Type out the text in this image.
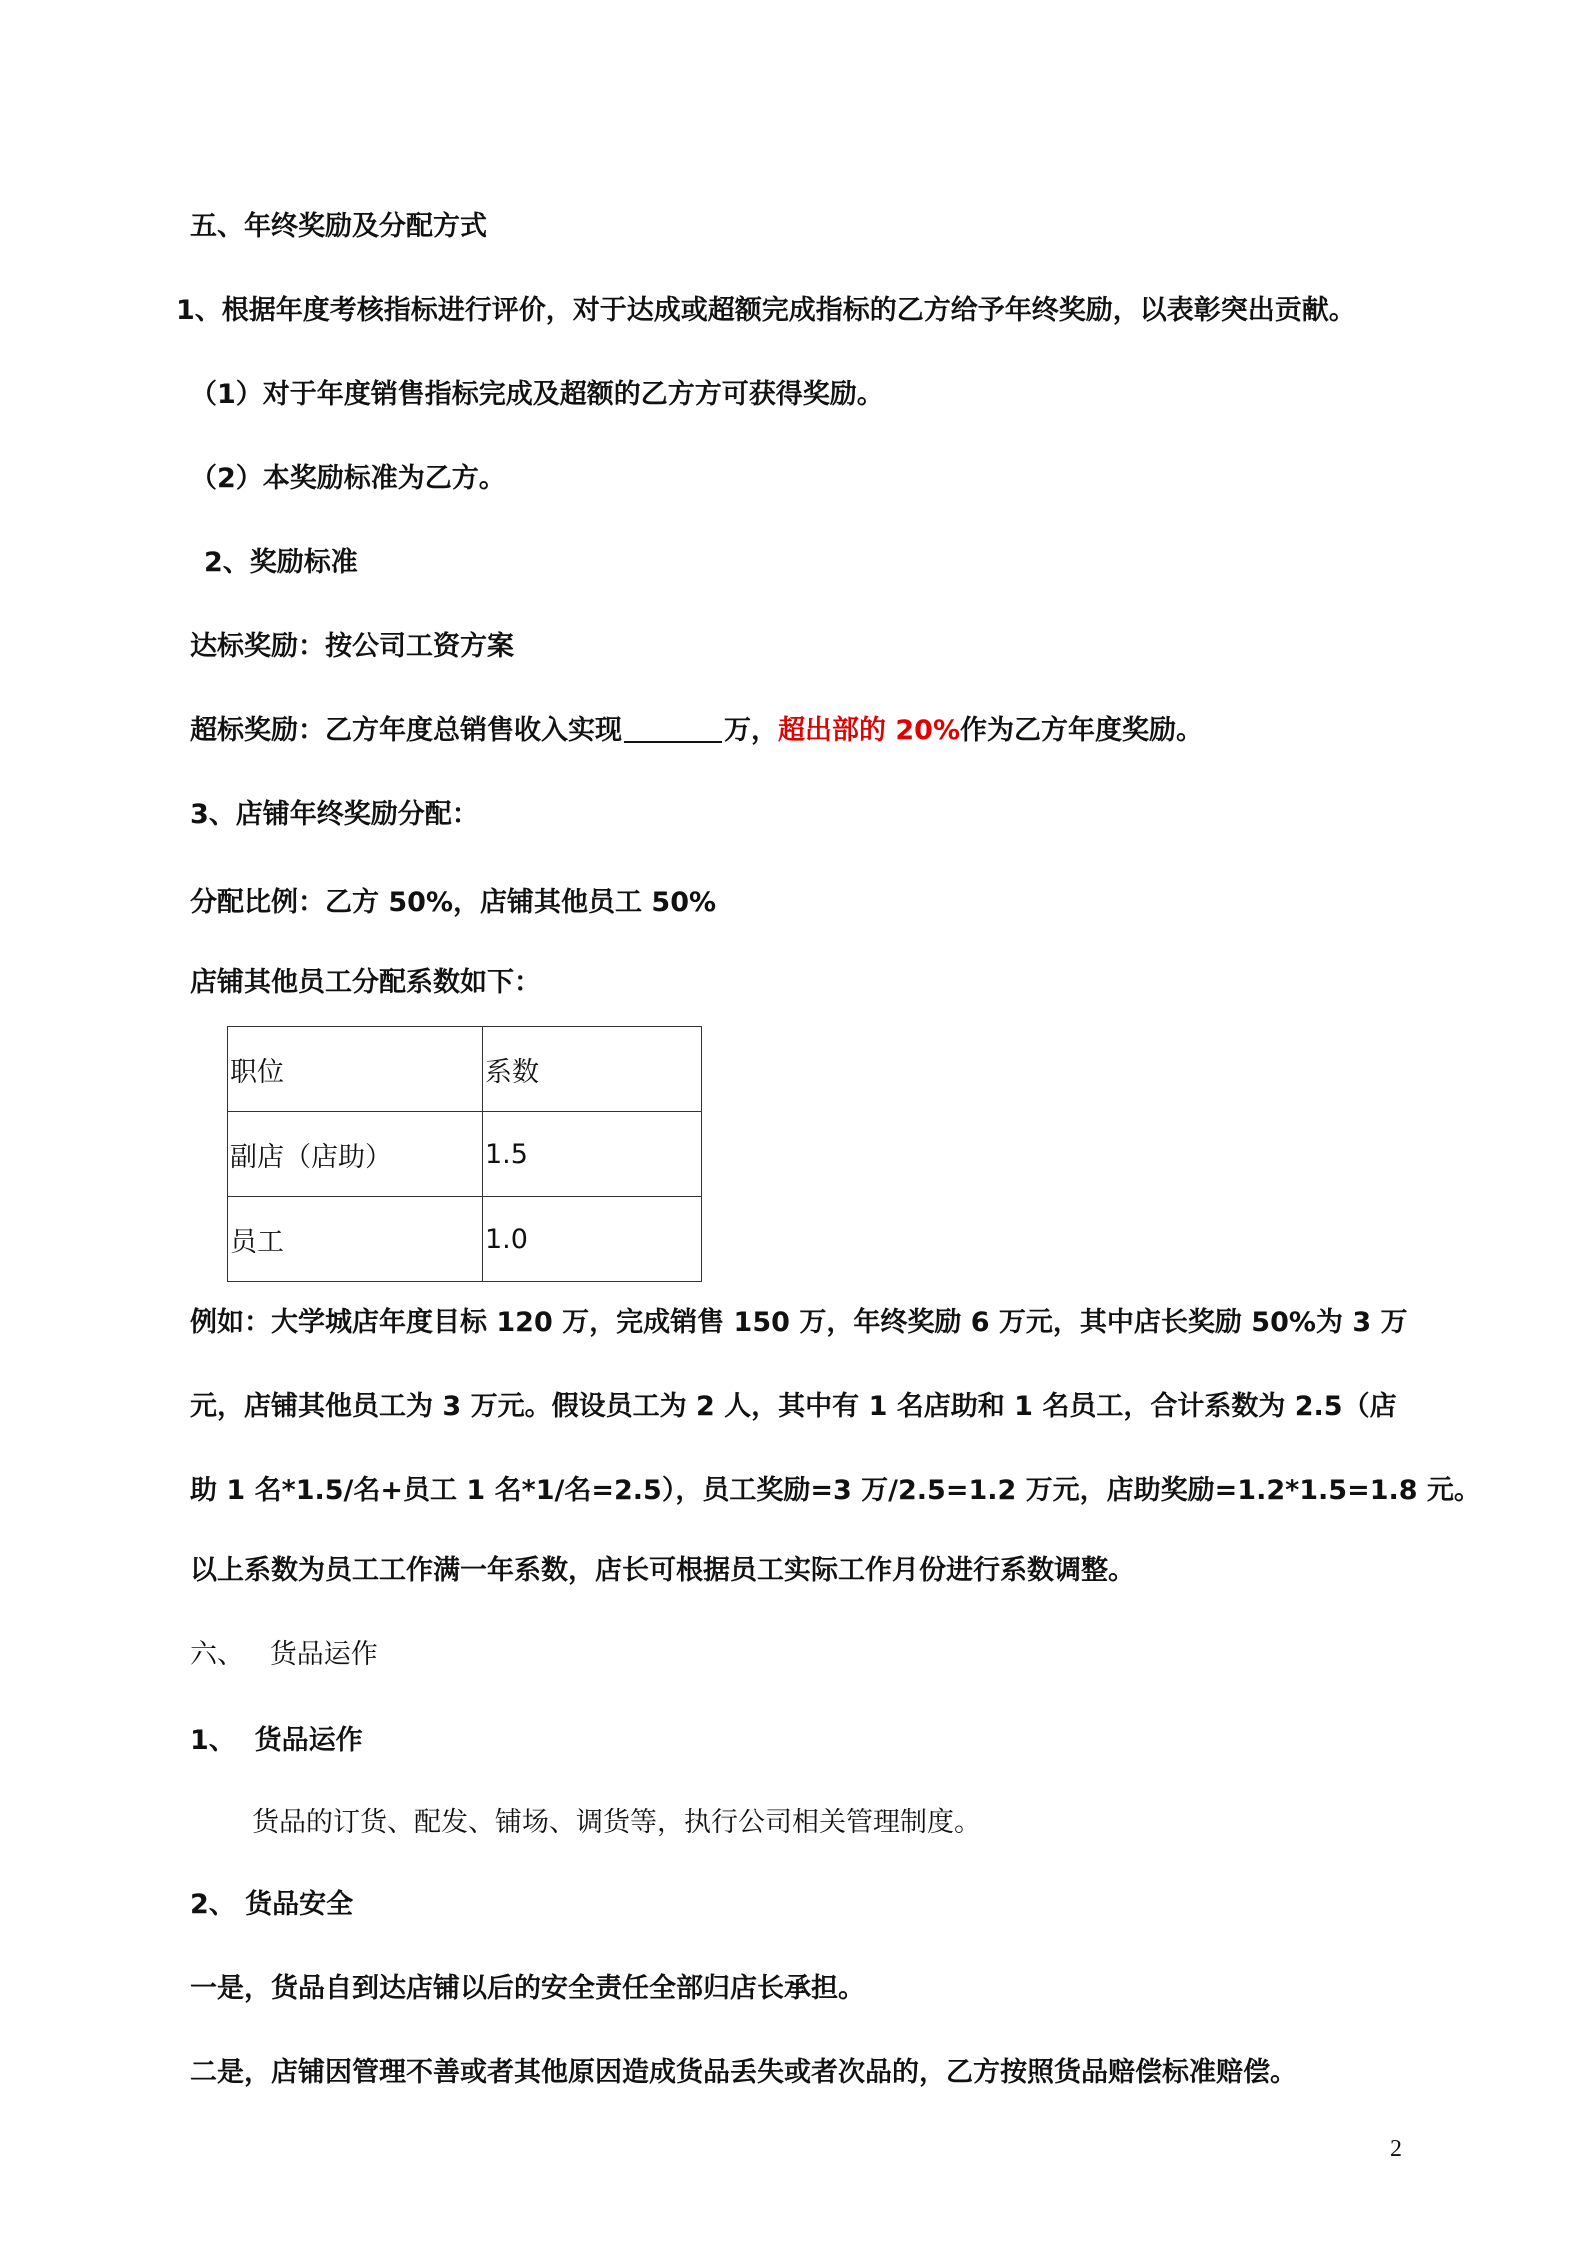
五、年终奖励及分配方式
1、根据年度考核指标进行评价，对于达成或超额完成指标的乙方给予年终奖励，以表彰突出贡献。
（1）对于年度销售指标完成及超额的乙方方可获得奖励。
（2）本奖励标准为乙方。
2、奖励标准
达标奖励：按公司工资方案
超标奖励：乙方年度总销售收入实现	万，超出部的 20%作为乙方年度奖励。
3、店铺年终奖励分配：
分配比例：乙方 50%，店铺其他员工 50%
店铺其他员工分配系数如下：
职位	系数
副店（店助）	1.5
员工	1.0
例如：大学城店年度目标 120 万，完成销售 150 万，年终奖励 6 万元，其中店长奖励 50%为 3 万
元，店铺其他员工为 3 万元。假设员工为 2 人，其中有 1 名店助和 1 名员工，合计系数为 2.5（店
助 1 名*1.5/名+员工 1 名*1/名=2.5），员工奖励=3 万/2.5=1.2 万元，店助奖励=1.2*1.5=1.8 元。
以上系数为员工工作满一年系数，店长可根据员工实际工作月份进行系数调整。
六、   货品运作
1、  货品运作
货品的订货、配发、铺场、调货等，执行公司相关管理制度。
2、 货品安全
一是，货品自到达店铺以后的安全责任全部归店长承担。
二是，店铺因管理不善或者其他原因造成货品丢失或者次品的，乙方按照货品赔偿标准赔偿。
2
